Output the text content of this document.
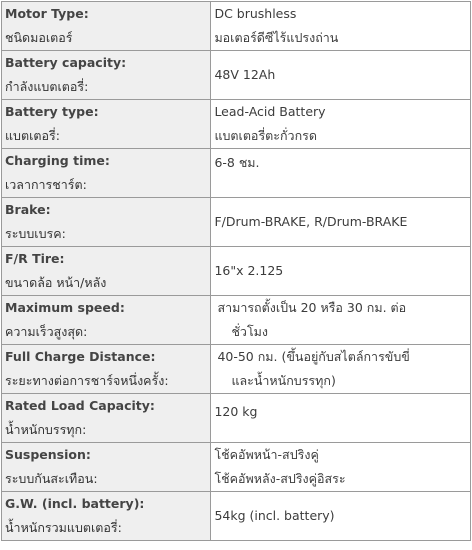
Motor Type:
ชนิดมอเตอร์	DC brushless
มอเตอร์ดีซีไร้แปรงถ่าน

Battery capacity:
กำลังแบตเตอรี่:	48V 12Ah

Battery type:
แบตเตอรี่:	Lead-Acid Battery
แบตเตอรี่ตะกั่วกรด

Charging time:
เวลาการชาร์ต:	6-8 ชม.

Brake:
ระบบเบรค:	F/Drum-BRAKE, R/Drum-BRAKE

F/R Tire:
ขนาดล้อ หน้า/หลัง	16"x 2.125

Maximum speed:
ความเร็วสูงสุด:	สามารถตั้งเป็น 20 หรือ 30 กม. ต่อ
ชั่วโมง

Full Charge Distance:
ระยะทางต่อการชาร์จหนึ่งครั้ง:	40-50 กม. (ขึ้นอยู่กับสไตล์การขับขี่
และน้ำหนักบรรทุก)

Rated Load Capacity:
น้ำหนักบรรทุก:	120 kg

Suspension:
ระบบกันสะเทือน:	โช้คอัพหน้า-สปริงคู่
โช้คอัพหลัง-สปริงคู่อิสระ

G.W. (incl. battery):
น้ำหนักรวมแบตเตอรี่:	54kg (incl. battery)
